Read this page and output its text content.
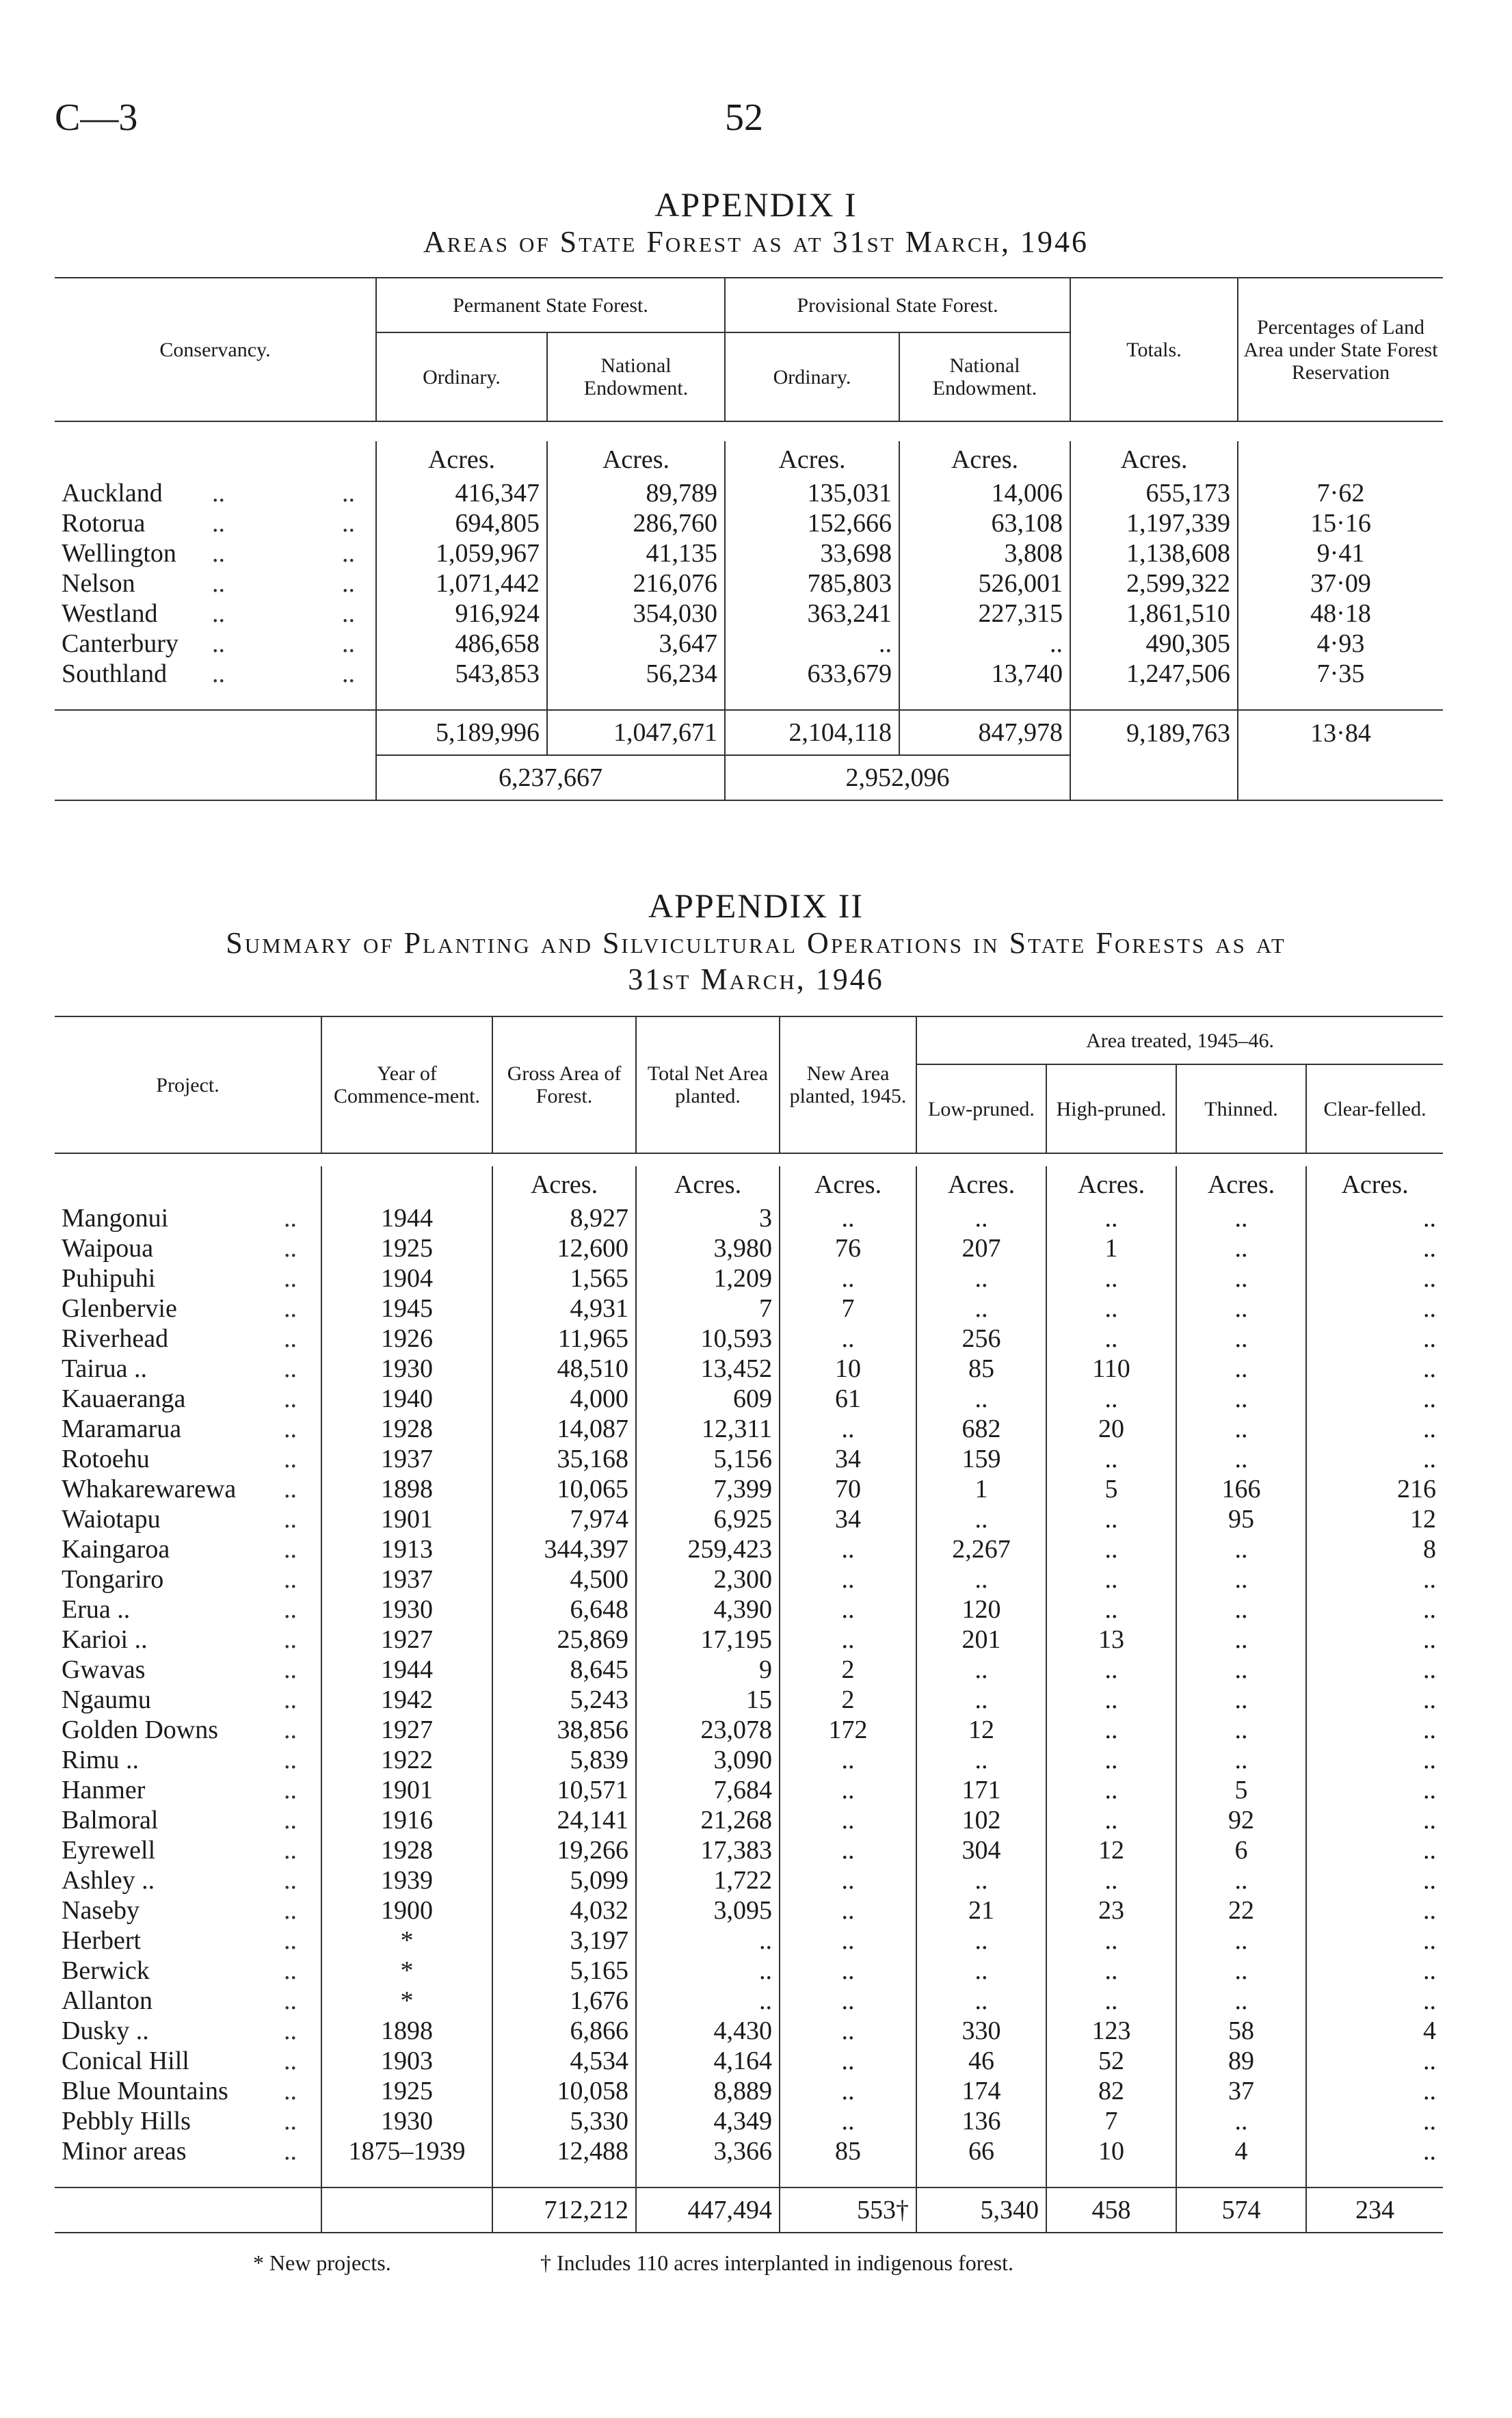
C—3	52
APPENDIX I
Areas of State Forest as at 31st March, 1946
Conservancy.	Permanent State Forest.		Provisional State Forest.		Totals.	Percentages of Land Area under State Forest Reservation
	Ordinary.	National Endowment.	Ordinary.	National Endowment.		

	Acres.	Acres.	Acres.	Acres.	Acres.	
Auckland .. ..	416,347	89,789	135,031	14,006	655,173	7·62
Rotorua .. ..	694,805	286,760	152,666	63,108	1,197,339	15·16
Wellington .. ..	1,059,967	41,135	33,698	3,808	1,138,608	9·41
Nelson .. ..	1,071,442	216,076	785,803	526,001	2,599,322	37·09
Westland .. ..	916,924	354,030	363,241	227,315	1,861,510	48·18
Canterbury .. ..	486,658	3,647	..	..	490,305	4·93
Southland .. ..	543,853	56,234	633,679	13,740	1,247,506	7·35

	5,189,996	1,047,671	2,104,118	847,978	9,189,763	13·84
	6,237,667		2,952,096			
APPENDIX II
Summary of Planting and Silvicultural Operations in State Forests as at
31st March, 1946
Project.		Year of Commence-ment.	Gross Area of Forest.	Total Net Area planted.	New Area planted, 1945.	Area treated, 1945–46.			
						Low-pruned.	High-pruned.	Thinned.	Clear-felled.

			Acres.	Acres.	Acres.	Acres.	Acres.	Acres.	Acres.
Mangonui	..	1944	8,927	3	..	..	..	..	..
Waipoua	..	1925	12,600	3,980	76	207	1	..	..
Puhipuhi	..	1904	1,565	1,209	..	..	..	..	..
Glenbervie	..	1945	4,931	7	7	..	..	..	..
Riverhead	..	1926	11,965	10,593	..	256	..	..	..
Tairua ..	..	1930	48,510	13,452	10	85	110	..	..
Kauaeranga	..	1940	4,000	609	61	..	..	..	..
Maramarua	..	1928	14,087	12,311	..	682	20	..	..
Rotoehu	..	1937	35,168	5,156	34	159	..	..	..
Whakarewarewa	..	1898	10,065	7,399	70	1	5	166	216
Waiotapu	..	1901	7,974	6,925	34	..	..	95	12
Kaingaroa	..	1913	344,397	259,423	..	2,267	..	..	8
Tongariro	..	1937	4,500	2,300	..	..	..	..	..
Erua ..	..	1930	6,648	4,390	..	120	..	..	..
Karioi ..	..	1927	25,869	17,195	..	201	13	..	..
Gwavas	..	1944	8,645	9	2	..	..	..	..
Ngaumu	..	1942	5,243	15	2	..	..	..	..
Golden Downs	..	1927	38,856	23,078	172	12	..	..	..
Rimu ..	..	1922	5,839	3,090	..	..	..	..	..
Hanmer	..	1901	10,571	7,684	..	171	..	5	..
Balmoral	..	1916	24,141	21,268	..	102	..	92	..
Eyrewell	..	1928	19,266	17,383	..	304	12	6	..
Ashley ..	..	1939	5,099	1,722	..	..	..	..	..
Naseby	..	1900	4,032	3,095	..	21	23	22	..
Herbert	..	*	3,197	..	..	..	..	..	..
Berwick	..	*	5,165	..	..	..	..	..	..
Allanton	..	*	1,676	..	..	..	..	..	..
Dusky ..	..	1898	6,866	4,430	..	330	123	58	4
Conical Hill	..	1903	4,534	4,164	..	46	52	89	..
Blue Mountains	..	1925	10,058	8,889	..	174	82	37	..
Pebbly Hills	..	1930	5,330	4,349	..	136	7	..	..
Minor areas	..	1875–1939	12,488	3,366	85	66	10	4	..

			712,212	447,494	553†	5,340	458	574	234
* New projects.	† Includes 110 acres interplanted in indigenous forest.
